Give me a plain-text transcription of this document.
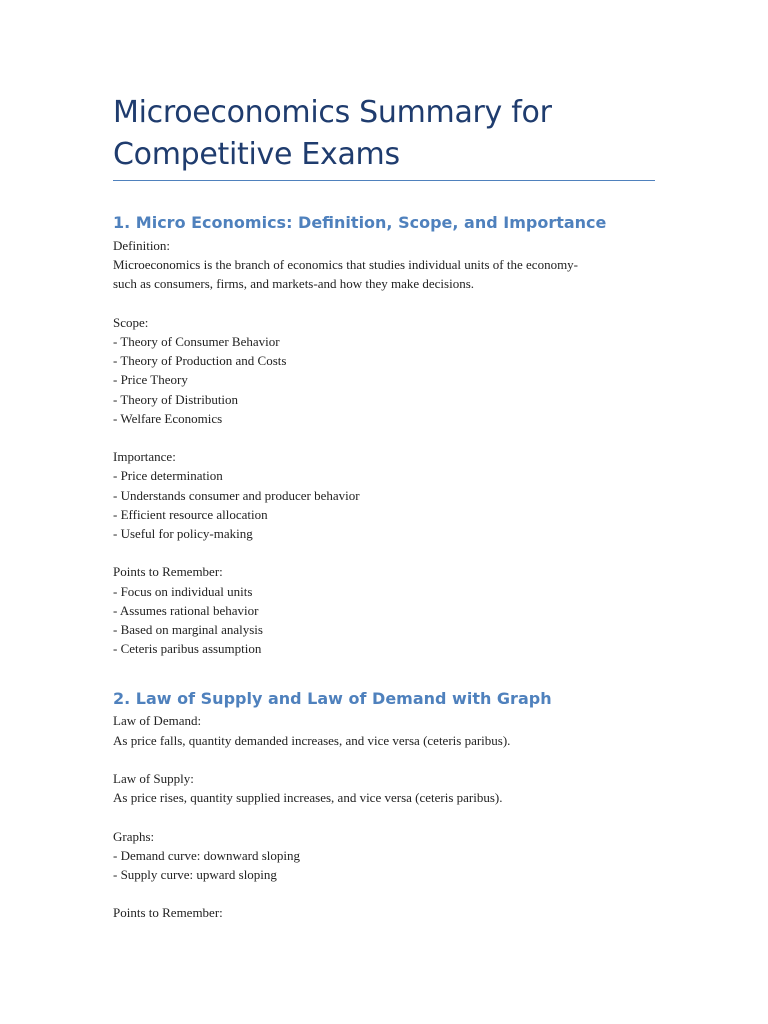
Microeconomics Summary for
Competitive Exams
1. Micro Economics: Definition, Scope, and Importance
Definition:
Microeconomics is the branch of economics that studies individual units of the economy-
such as consumers, firms, and markets-and how they make decisions.
Scope:
- Theory of Consumer Behavior
- Theory of Production and Costs
- Price Theory
- Theory of Distribution
- Welfare Economics
Importance:
- Price determination
- Understands consumer and producer behavior
- Efficient resource allocation
- Useful for policy-making
Points to Remember:
- Focus on individual units
- Assumes rational behavior
- Based on marginal analysis
- Ceteris paribus assumption
2. Law of Supply and Law of Demand with Graph
Law of Demand:
As price falls, quantity demanded increases, and vice versa (ceteris paribus).
Law of Supply:
As price rises, quantity supplied increases, and vice versa (ceteris paribus).
Graphs:
- Demand curve: downward sloping
- Supply curve: upward sloping
Points to Remember:
